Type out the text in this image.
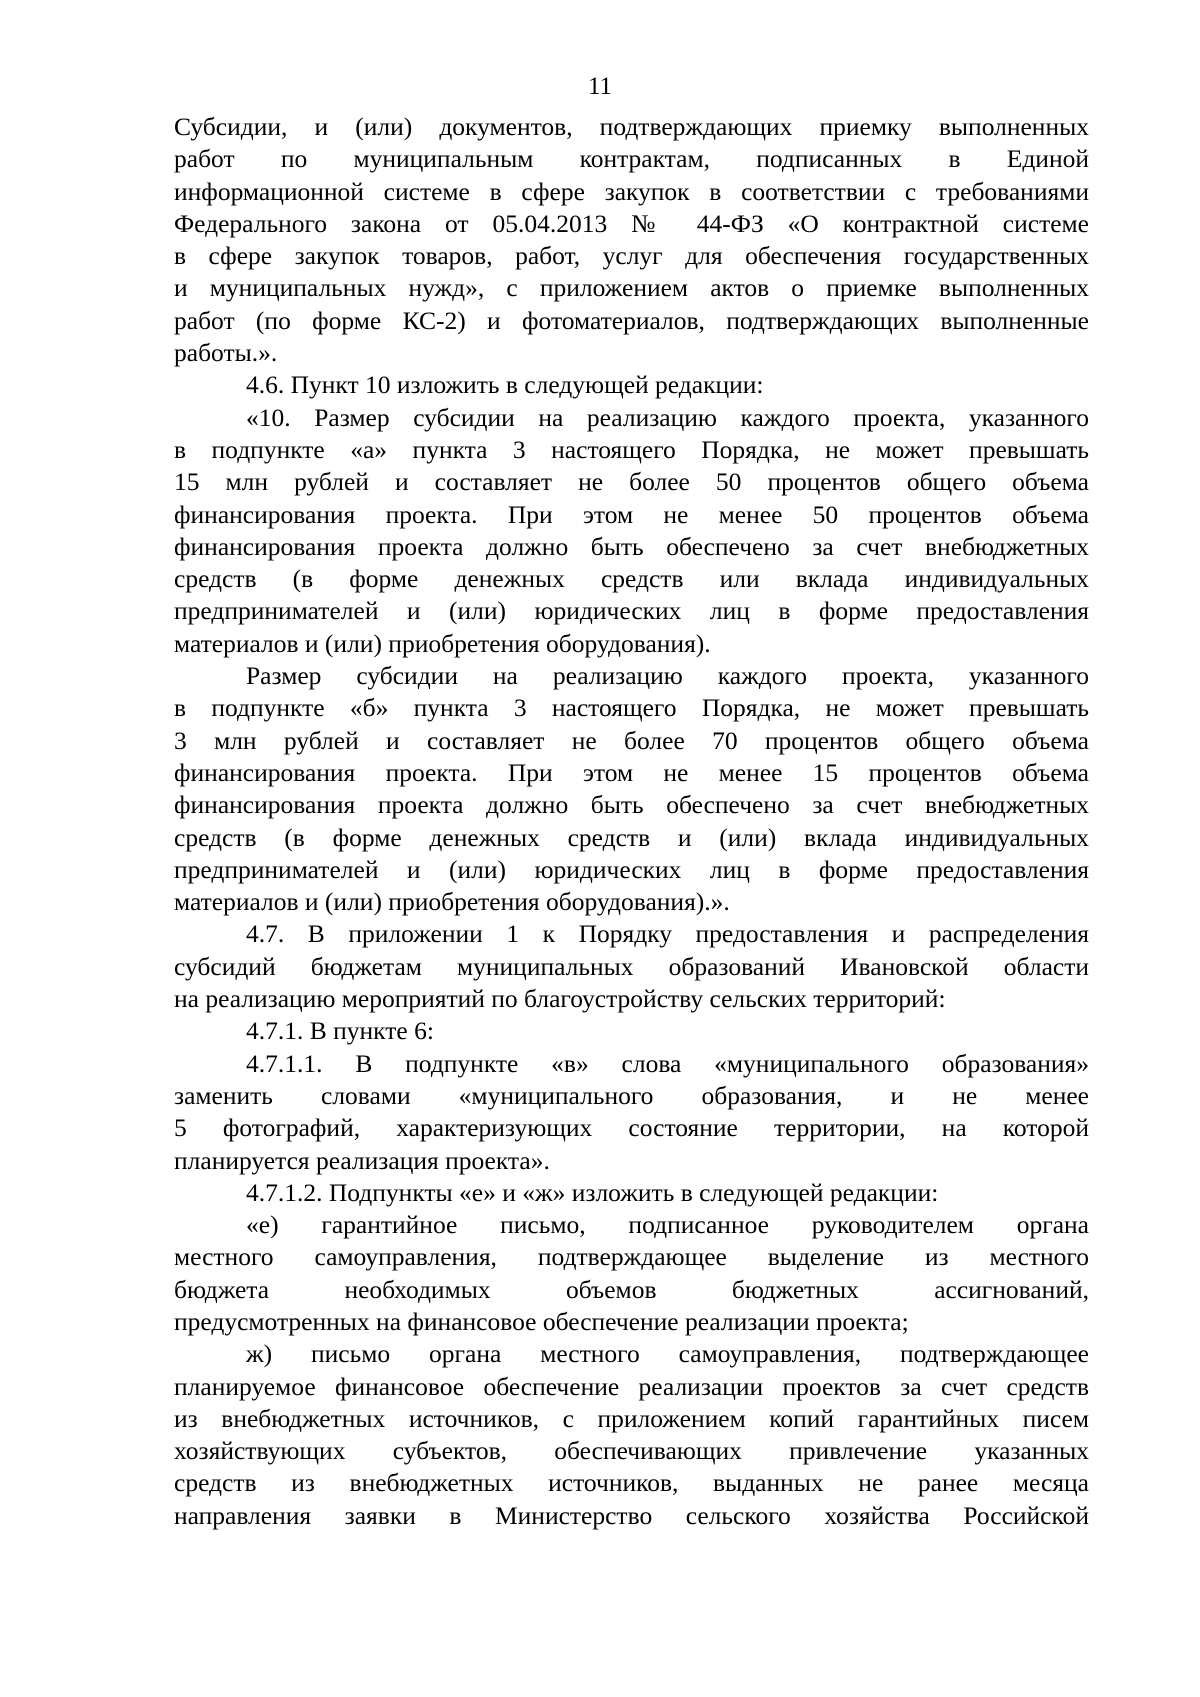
11

Субсидии, и (или) документов, подтверждающих приемку выполненных

работ по муниципальным контрактам, подписанных в Единой

информационной системе в сфере закупок в соответствии с требованиями

Федерального закона от 05.04.2013 № 44-ФЗ «О контрактной системе

в сфере закупок товаров, работ, услуг для обеспечения государственных

и муниципальных нужд», с приложением актов о приемке выполненных

работ (по форме КС-2) и фотоматериалов, подтверждающих выполненные

работы.».

4.6. Пункт 10 изложить в следующей редакции:

«10. Размер субсидии на реализацию каждого проекта, указанного

в подпункте «а» пункта 3 настоящего Порядка, не может превышать

15 млн рублей и составляет не более 50 процентов общего объема

финансирования проекта. При этом не менее 50 процентов объема

финансирования проекта должно быть обеспечено за счет внебюджетных

средств (в форме денежных средств или вклада индивидуальных

предпринимателей и (или) юридических лиц в форме предоставления

материалов и (или) приобретения оборудования).

Размер субсидии на реализацию каждого проекта, указанного

в подпункте «б» пункта 3 настоящего Порядка, не может превышать

3 млн рублей и составляет не более 70 процентов общего объема

финансирования проекта. При этом не менее 15 процентов объема

финансирования проекта должно быть обеспечено за счет внебюджетных

средств (в форме денежных средств и (или) вклада индивидуальных

предпринимателей и (или) юридических лиц в форме предоставления

материалов и (или) приобретения оборудования).».

4.7. В приложении 1 к Порядку предоставления и распределения

субсидий бюджетам муниципальных образований Ивановской области

на реализацию мероприятий по благоустройству сельских территорий:

4.7.1. В пункте 6:

4.7.1.1. В подпункте «в» слова «муниципального образования»

заменить словами «муниципального образования, и не менее

5 фотографий, характеризующих состояние территории, на которой

планируется реализация проекта».

4.7.1.2. Подпункты «е» и «ж» изложить в следующей редакции:

«е) гарантийное письмо, подписанное руководителем органа

местного самоуправления, подтверждающее выделение из местного

бюджета необходимых объемов бюджетных ассигнований,

предусмотренных на финансовое обеспечение реализации проекта;

ж) письмо органа местного самоуправления, подтверждающее

планируемое финансовое обеспечение реализации проектов за счет средств

из внебюджетных источников, с приложением копий гарантийных писем

хозяйствующих субъектов, обеспечивающих привлечение указанных

средств из внебюджетных источников, выданных не ранее месяца

направления заявки в Министерство сельского хозяйства Российской
